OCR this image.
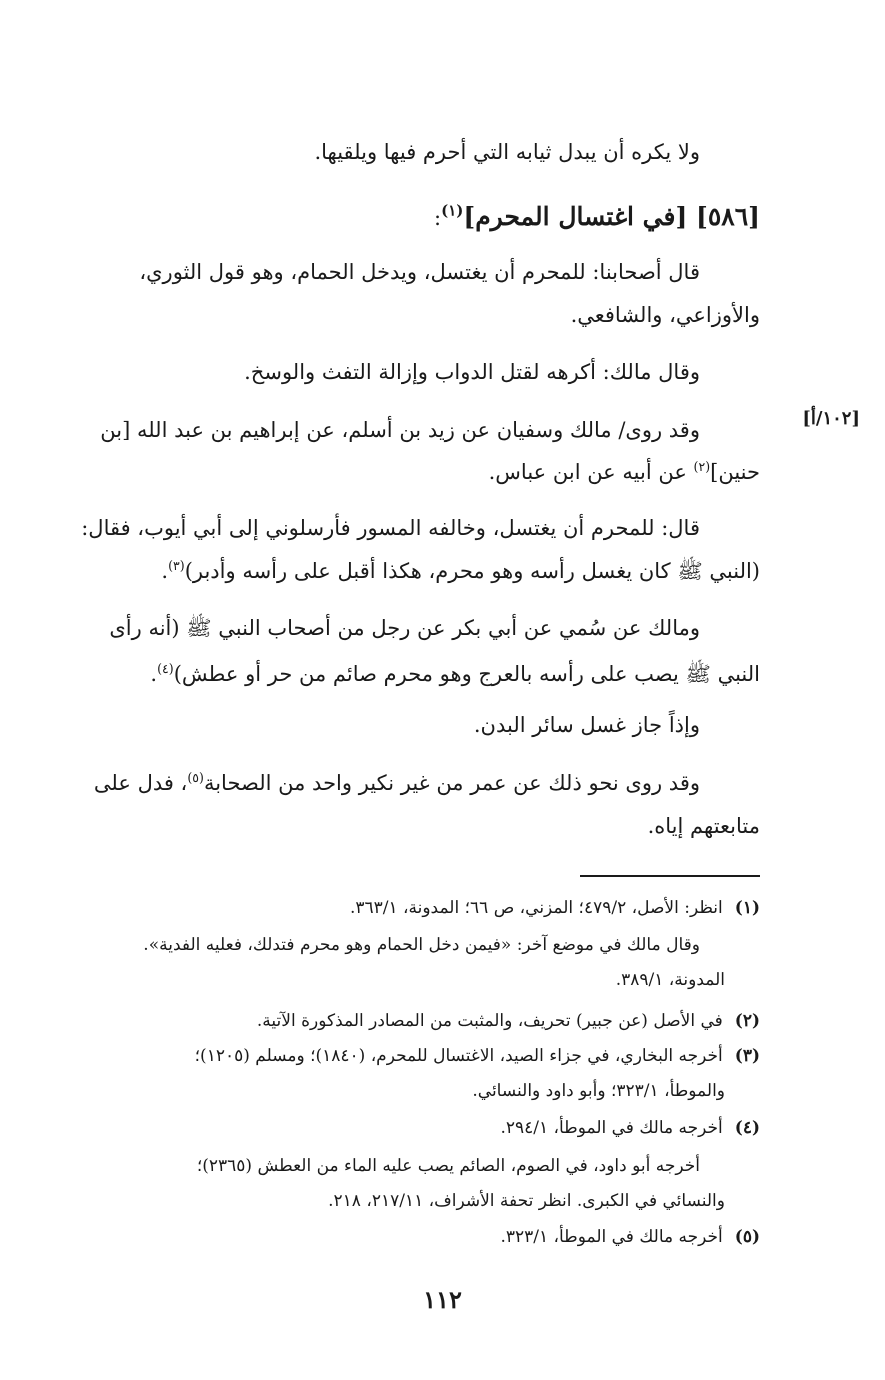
ولا يكره أن يبدل ثيابه التي أحرم فيها ويلقيها.
[٥٨٦] [في اغتسال المحرم]$^{(١)}$:
قال أصحابنا: للمحرم أن يغتسل، ويدخل الحمام، وهو قول الثوري،
والأوزاعي، والشافعي.
وقال مالك: أكرهه لقتل الدواب وإزالة التفث والوسخ.
[١٠٢/أ]
وقد روى/ مالك وسفيان عن زيد بن أسلم، عن إبراهيم بن عبد الله [بن
حنين]$^{(٢)}$ عن أبيه عن ابن عباس.
قال: للمحرم أن يغتسل، وخالفه المسور فأرسلوني إلى أبي أيوب، فقال:
(النبي ﷺ كان يغسل رأسه وهو محرم، هكذا أقبل على رأسه وأدبر)$^{(٣)}$.
ومالك عن سُمي عن أبي بكر عن رجل من أصحاب النبي ﷺ (أنه رأى
النبي ﷺ يصب على رأسه بالعرج وهو محرم صائم من حر أو عطش)$^{(٤)}$.
وإذاً جاز غسل سائر البدن.
وقد روى نحو ذلك عن عمر من غير نكير واحد من الصحابة$^{(٥)}$، فدل على
متابعتهم إياه.
(١)انظر: الأصل، ٤٧٩/٢؛ المزني، ص ٦٦؛ المدونة، ٣٦٣/١.
وقال مالك في موضع آخر: «فيمن دخل الحمام وهو محرم فتدلك، فعليه الفدية».
المدونة، ٣٨٩/١.
(٢)في الأصل (عن جبير) تحريف، والمثبت من المصادر المذكورة الآتية.
(٣)أخرجه البخاري، في جزاء الصيد، الاغتسال للمحرم، (١٨٤٠)؛ ومسلم (١٢٠٥)؛
والموطأ، ٣٢٣/١؛ وأبو داود والنسائي.
(٤)أخرجه مالك في الموطأ، ٢٩٤/١.
أخرجه أبو داود، في الصوم، الصائم يصب عليه الماء من العطش (٢٣٦٥)؛
والنسائي في الكبرى. انظر تحفة الأشراف، ٢١٧/١١، ٢١٨.
(٥)أخرجه مالك في الموطأ، ٣٢٣/١.
١١٢
